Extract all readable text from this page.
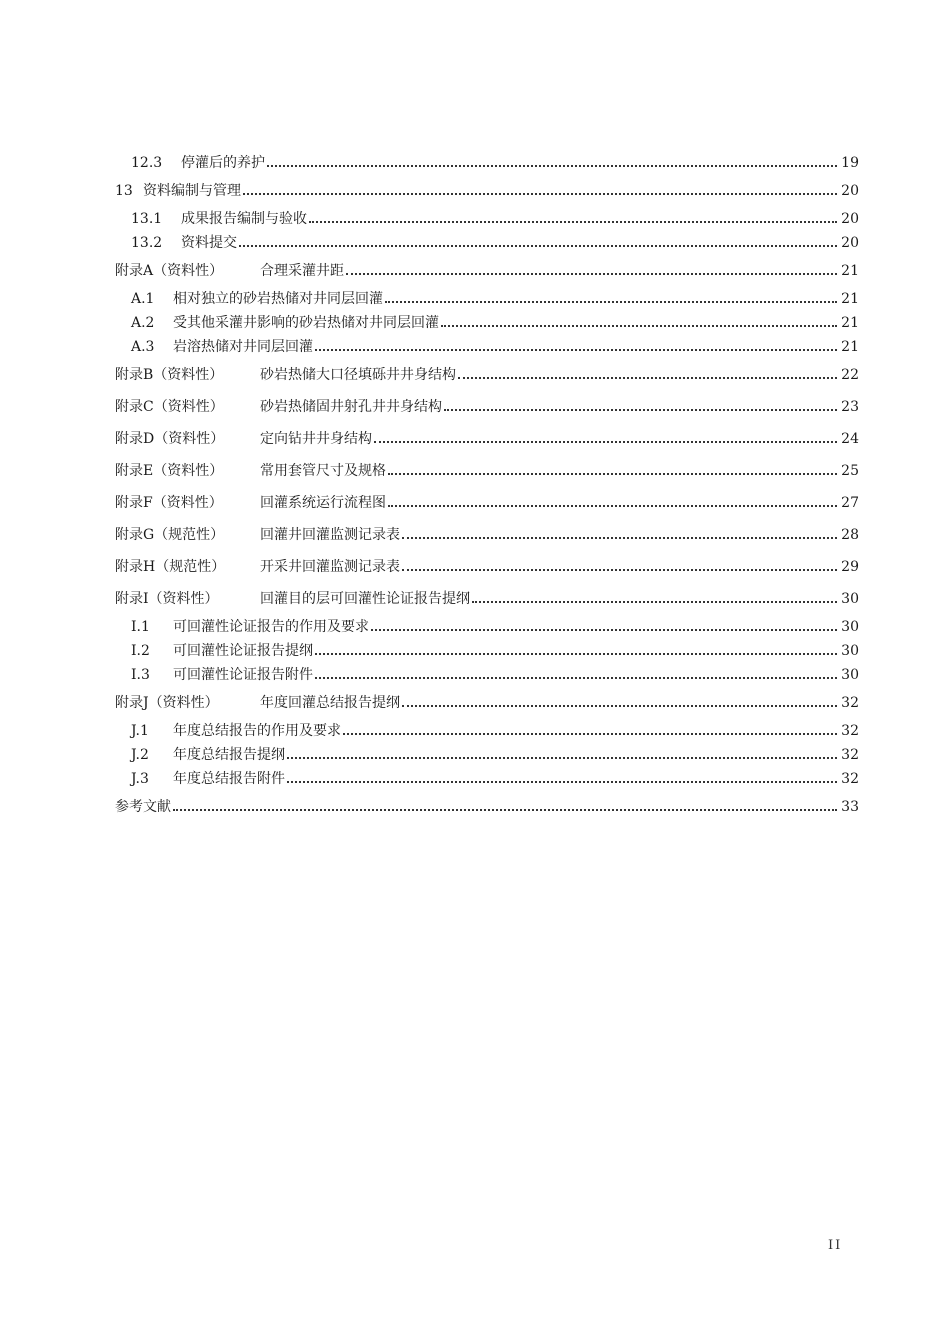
12.3	停灌后的养护	19
13 资料编制与管理	20
13.1	成果报告编制与验收	20
13.2	资料提交	20
附录A（资料性）	合理采灌井距	21
A.1	相对独立的砂岩热储对井同层回灌	21
A.2	受其他采灌井影响的砂岩热储对井同层回灌	21
A.3	岩溶热储对井同层回灌	21
附录B（资料性）	砂岩热储大口径填砾井井身结构	22
附录C（资料性）	砂岩热储固井射孔井井身结构	23
附录D（资料性）	定向钻井井身结构	24
附录E（资料性）	常用套管尺寸及规格	25
附录F（资料性）	回灌系统运行流程图	27
附录G（规范性）	回灌井回灌监测记录表	28
附录H（规范性）	开采井回灌监测记录表	29
附录I（资料性）	回灌目的层可回灌性论证报告提纲	30
I.1	可回灌性论证报告的作用及要求	30
I.2	可回灌性论证报告提纲	30
I.3	可回灌性论证报告附件	30
附录J（资料性）	年度回灌总结报告提纲	32
J.1	年度总结报告的作用及要求	32
J.2	年度总结报告提纲	32
J.3	年度总结报告附件	32
参考文献	33
II
